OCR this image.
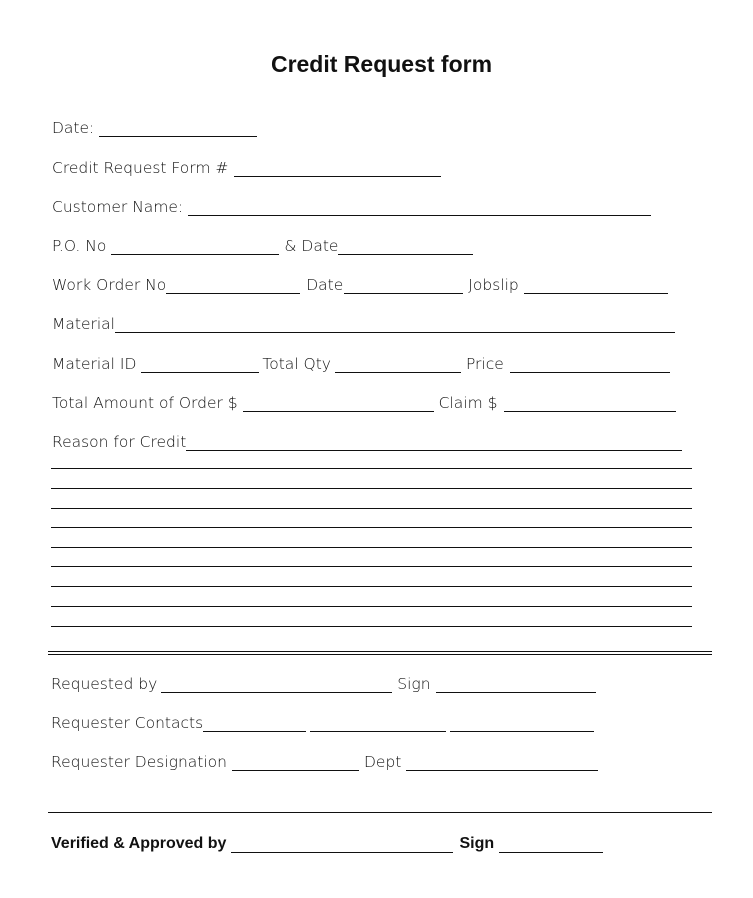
Credit Request form
Date:
Credit Request Form #
Customer Name:
P.O. No	& Date
Work Order No	Date	Jobslip
Material
Material ID	Total Qty	Price
Total Amount of Order $	Claim $
Reason for Credit
Requested by	Sign
Requester Contacts
Requester Designation	Dept
Verified & Approved by	Sign
